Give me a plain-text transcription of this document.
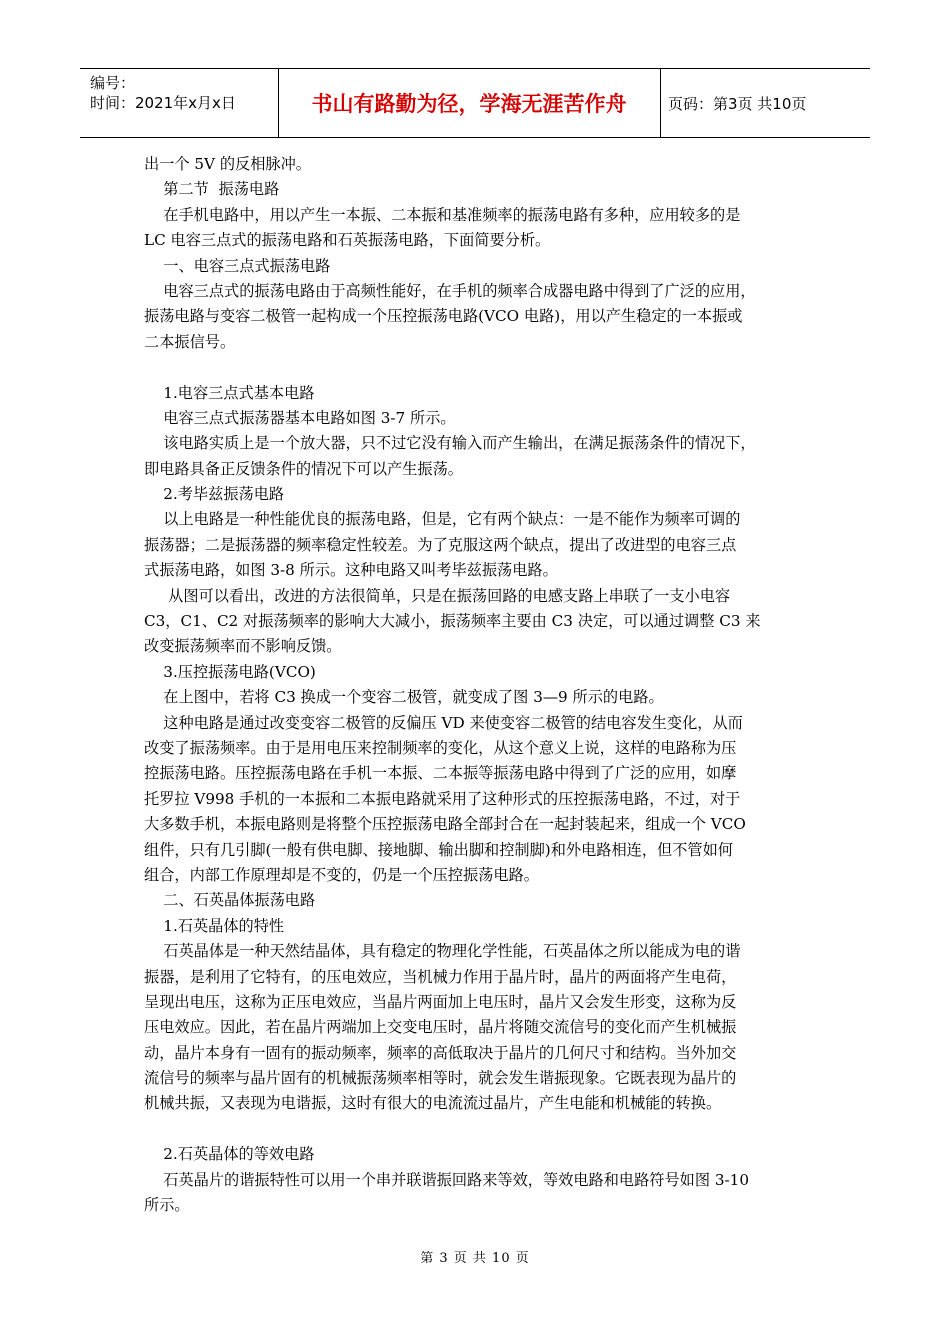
编号：
时间：2021年x月x日	书山有路勤为径，学海无涯苦作舟	页码：第3页 共10页
出一个 5V 的反相脉冲。
第二节  振荡电路
在手机电路中，用以产生一本振、二本振和基准频率的振荡电路有多种，应用较多的是
LC 电容三点式的振荡电路和石英振荡电路，下面简要分析。
一、电容三点式振荡电路
电容三点式的振荡电路由于高频性能好，在手机的频率合成器电路中得到了广泛的应用，
振荡电路与变容二极管一起构成一个压控振荡电路(VCO 电路)，用以产生稳定的一本振或
二本振信号。
1.电容三点式基本电路
电容三点式振荡器基本电路如图 3-7 所示。
该电路实质上是一个放大器，只不过它没有输入而产生输出，在满足振荡条件的情况下，
即电路具备正反馈条件的情况下可以产生振荡。
2.考毕兹振荡电路
以上电路是一种性能优良的振荡电路，但是，它有两个缺点：一是不能作为频率可调的
振荡器；二是振荡器的频率稳定性较差。为了克服这两个缺点，提出了改进型的电容三点
式振荡电路，如图 3-8 所示。这种电路又叫考毕兹振荡电路。
从图可以看出，改进的方法很简单，只是在振荡回路的电感支路上串联了一支小电容
C3，C1、C2 对振荡频率的影响大大减小，振荡频率主要由 C3 决定，可以通过调整 C3 来
改变振荡频率而不影响反馈。
3.压控振荡电路(VCO)
在上图中，若将 C3 换成一个变容二极管，就变成了图 3—9 所示的电路。
这种电路是通过改变变容二极管的反偏压 VD 来使变容二极管的结电容发生变化，从而
改变了振荡频率。由于是用电压来控制频率的变化，从这个意义上说，这样的电路称为压
控振荡电路。压控振荡电路在手机一本振、二本振等振荡电路中得到了广泛的应用，如摩
托罗拉 V998 手机的一本振和二本振电路就采用了这种形式的压控振荡电路，不过，对于
大多数手机，本振电路则是将整个压控振荡电路全部封合在一起封装起来，组成一个 VCO
组件，只有几引脚(一般有供电脚、接地脚、输出脚和控制脚)和外电路相连，但不管如何
组合，内部工作原理却是不变的，仍是一个压控振荡电路。
二、石英晶体振荡电路
1.石英晶体的特性
石英晶体是一种天然结晶体，具有稳定的物理化学性能，石英晶体之所以能成为电的谐
振器，是利用了它特有，的压电效应，当机械力作用于晶片时，晶片的两面将产生电荷，
呈现出电压，这称为正压电效应，当晶片两面加上电压时，晶片又会发生形变，这称为反
压电效应。因此，若在晶片两端加上交变电压时，晶片将随交流信号的变化而产生机械振
动，晶片本身有一固有的振动频率，频率的高低取决于晶片的几何尺寸和结构。当外加交
流信号的频率与晶片固有的机械振荡频率相等时，就会发生谐振现象。它既表现为晶片的
机械共振，又表现为电谐振，这时有很大的电流流过晶片，产生电能和机械能的转换。
2.石英晶体的等效电路
石英晶片的谐振特性可以用一个串并联谐振回路来等效，等效电路和电路符号如图 3-10
所示。
第 3 页 共 10 页
